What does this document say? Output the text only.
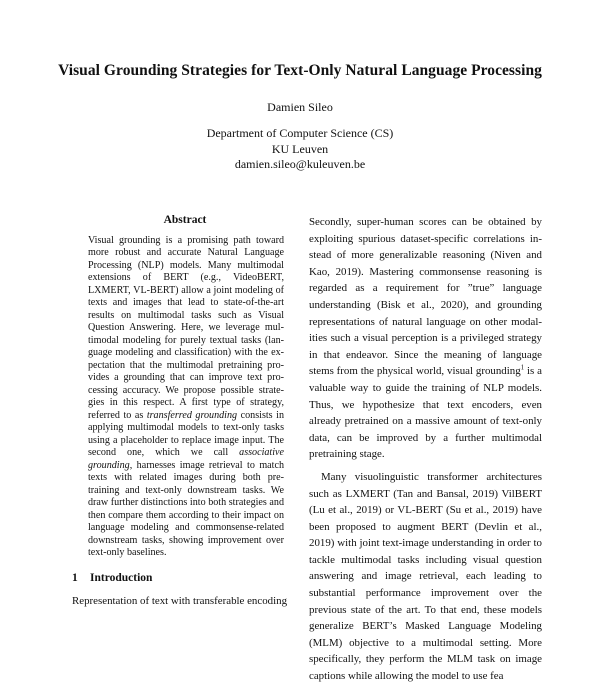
Visual Grounding Strategies for Text-Only Natural Language Processing
Damien Sileo
Department of Computer Science (CS)
KU Leuven
damien.sileo@kuleuven.be
Abstract

Visual grounding is a promising path toward more robust and accurate Natural Language Processing (NLP) models. Many multimodal extensions of BERT (e.g., VideoBERT, LXMERT, VL-BERT) allow a joint modeling of texts and images that lead to state-of-the-art results on multimodal tasks such as Visual Question Answering. Here, we leverage multimodal modeling for purely textual tasks (language modeling and classification) with the expectation that the multimodal pretraining provides a grounding that can improve text processing accuracy. We propose possible strategies in this respect. A first type of strategy, referred to as transferred grounding consists in applying multimodal models to text-only tasks using a placeholder to replace image input. The second one, which we call associative grounding, harnesses image retrieval to match texts with related images during both pretraining and text-only downstream tasks. We draw further distinctions into both strategies and then compare them according to their impact on language modeling and commonsense-related downstream tasks, showing improvement over text-only baselines.

1 Introduction

Representation of text with transferable encoding

Secondly, super-human scores can be obtained by exploiting spurious dataset-specific correlations instead of more generalizable reasoning (Niven and Kao, 2019). Mastering commonsense reasoning is regarded as a requirement for ”true” language understanding (Bisk et al., 2020), and grounding representations of natural language on other modalities such a visual perception is a privileged strategy in that endeavor. Since the meaning of language stems from the physical world, visual grounding$^1$ is a valuable way to guide the training of NLP models. Thus, we hypothesize that text encoders, even already pretrained on a massive amount of text-only data, can be improved by a further multimodal pretraining stage.

Many visuolinguistic transformer architectures such as LXMERT (Tan and Bansal, 2019) VilBERT (Lu et al., 2019) or VL-BERT (Su et al., 2019) have been proposed to augment BERT (Devlin et al., 2019) with joint text-image understanding in order to tackle multimodal tasks including visual question answering and image retrieval, each leading to substantial performance improvement over the previous state of the art. To that end, these models generalize BERT’s Masked Language Modeling (MLM) objective to a multimodal setting. More specifically, they perform the MLM task on image captions while allowing the model to use fea
